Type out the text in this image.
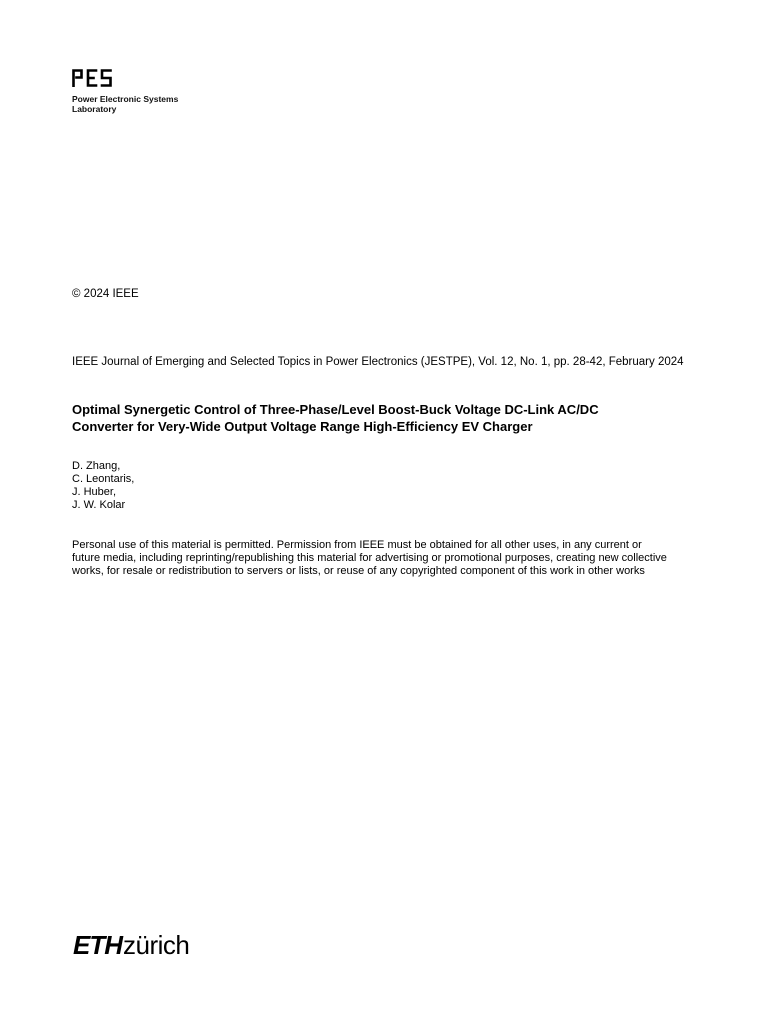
Power Electronic Systems
Laboratory
© 2024 IEEE
IEEE Journal of Emerging and Selected Topics in Power Electronics (JESTPE), Vol. 12, No. 1, pp. 28-42, February 2024
Optimal Synergetic Control of Three-Phase/Level Boost-Buck Voltage DC-Link AC/DC
Converter for Very-Wide Output Voltage Range High-Efficiency EV Charger
D. Zhang,
C. Leontaris,
J. Huber,
J. W. Kolar
Personal use of this material is permitted. Permission from IEEE must be obtained for all other uses, in any current or
future media, including reprinting/republishing this material for advertising or promotional purposes, creating new collective
works, for resale or redistribution to servers or lists, or reuse of any copyrighted component of this work in other works
ETH zürich
